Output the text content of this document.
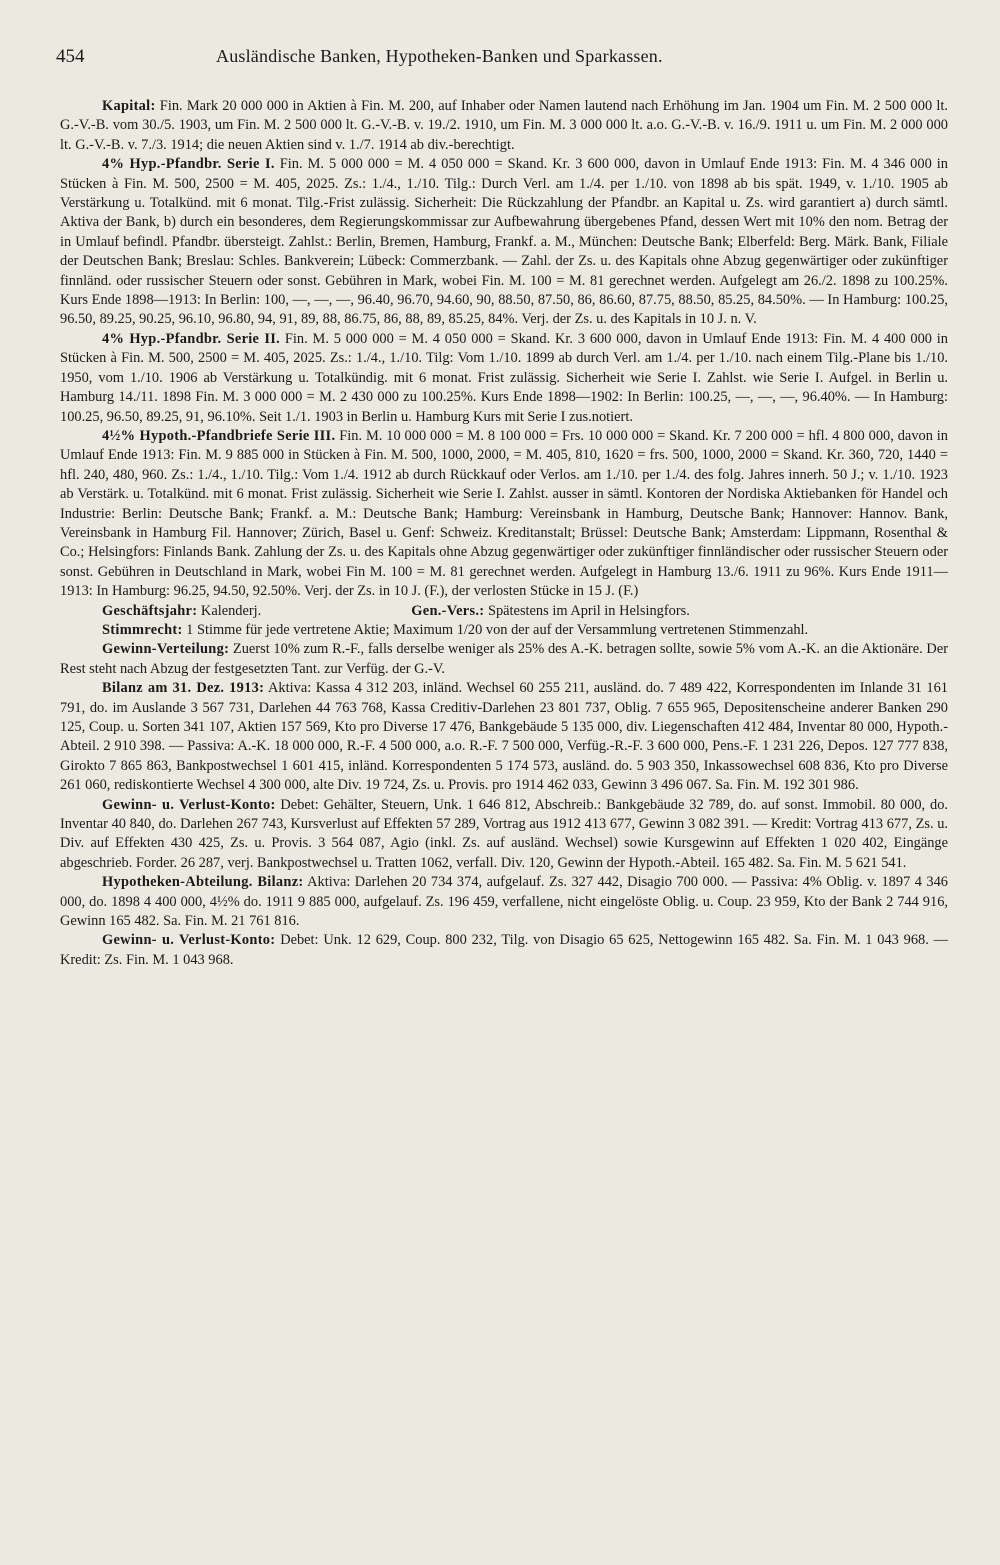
454	Ausländische Banken, Hypotheken-Banken und Sparkassen.

Kapital: Fin. Mark 20 000 000 in Aktien à Fin. M. 200, auf Inhaber oder Namen lautend nach Erhöhung im Jan. 1904 um Fin. M. 2 500 000 lt. G.-V.-B. vom 30./5. 1903, um Fin. M. 2 500 000 lt. G.-V.-B. v. 19./2. 1910, um Fin. M. 3 000 000 lt. a.o. G.-V.-B. v. 16./9. 1911 u. um Fin. M. 2 000 000 lt. G.-V.-B. v. 7./3. 1914; die neuen Aktien sind v. 1./7. 1914 ab div.-berechtigt.

4% Hyp.-Pfandbr. Serie I. Fin. M. 5 000 000 = M. 4 050 000 = Skand. Kr. 3 600 000, davon in Umlauf Ende 1913: Fin. M. 4 346 000 in Stücken à Fin. M. 500, 2500 = M. 405, 2025. Zs.: 1./4., 1./10. Tilg.: Durch Verl. am 1./4. per 1./10. von 1898 ab bis spät. 1949, v. 1./10. 1905 ab Verstärkung u. Totalkünd. mit 6 monat. Tilg.-Frist zulässig. Sicherheit: Die Rückzahlung der Pfandbr. an Kapital u. Zs. wird garantiert a) durch sämtl. Aktiva der Bank, b) durch ein besonderes, dem Regierungskommissar zur Aufbewahrung übergebenes Pfand, dessen Wert mit 10% den nom. Betrag der in Umlauf befindl. Pfandbr. übersteigt. Zahlst.: Berlin, Bremen, Hamburg, Frankf. a. M., München: Deutsche Bank; Elberfeld: Berg. Märk. Bank, Filiale der Deutschen Bank; Breslau: Schles. Bankverein; Lübeck: Commerzbank. — Zahl. der Zs. u. des Kapitals ohne Abzug gegenwärtiger oder zukünftiger finnländ. oder russischer Steuern oder sonst. Gebühren in Mark, wobei Fin. M. 100 = M. 81 gerechnet werden. Aufgelegt am 26./2. 1898 zu 100.25%. Kurs Ende 1898—1913: In Berlin: 100, —, —, —, 96.40, 96.70, 94.60, 90, 88.50, 87.50, 86, 86.60, 87.75, 88.50, 85.25, 84.50%. — In Hamburg: 100.25, 96.50, 89.25, 90.25, 96.10, 96.80, 94, 91, 89, 88, 86.75, 86, 88, 89, 85.25, 84%. Verj. der Zs. u. des Kapitals in 10 J. n. V.

4% Hyp.-Pfandbr. Serie II. Fin. M. 5 000 000 = M. 4 050 000 = Skand. Kr. 3 600 000, davon in Umlauf Ende 1913: Fin. M. 4 400 000 in Stücken à Fin. M. 500, 2500 = M. 405, 2025. Zs.: 1./4., 1./10. Tilg: Vom 1./10. 1899 ab durch Verl. am 1./4. per 1./10. nach einem Tilg.-Plane bis 1./10. 1950, vom 1./10. 1906 ab Verstärkung u. Totalkündig. mit 6 monat. Frist zulässig. Sicherheit wie Serie I. Zahlst. wie Serie I. Aufgel. in Berlin u. Hamburg 14./11. 1898 Fin. M. 3 000 000 = M. 2 430 000 zu 100.25%. Kurs Ende 1898—1902: In Berlin: 100.25, —, —, —, 96.40%. — In Hamburg: 100.25, 96.50, 89.25, 91, 96.10%. Seit 1./1. 1903 in Berlin u. Hamburg Kurs mit Serie I zus.notiert.

4½% Hypoth.-Pfandbriefe Serie III. Fin. M. 10 000 000 = M. 8 100 000 = Frs. 10 000 000 = Skand. Kr. 7 200 000 = hfl. 4 800 000, davon in Umlauf Ende 1913: Fin. M. 9 885 000 in Stücken à Fin. M. 500, 1000, 2000, = M. 405, 810, 1620 = frs. 500, 1000, 2000 = Skand. Kr. 360, 720, 1440 = hfl. 240, 480, 960. Zs.: 1./4., 1./10. Tilg.: Vom 1./4. 1912 ab durch Rückkauf oder Verlos. am 1./10. per 1./4. des folg. Jahres innerh. 50 J.; v. 1./10. 1923 ab Verstärk. u. Totalkünd. mit 6 monat. Frist zulässig. Sicherheit wie Serie I. Zahlst. ausser in sämtl. Kontoren der Nordiska Aktiebanken för Handel och Industrie: Berlin: Deutsche Bank; Frankf. a. M.: Deutsche Bank; Hamburg: Vereinsbank in Hamburg, Deutsche Bank; Hannover: Hannov. Bank, Vereinsbank in Hamburg Fil. Hannover; Zürich, Basel u. Genf: Schweiz. Kreditanstalt; Brüssel: Deutsche Bank; Amsterdam: Lippmann, Rosenthal & Co.; Helsingfors: Finlands Bank. Zahlung der Zs. u. des Kapitals ohne Abzug gegenwärtiger oder zukünftiger finnländischer oder russischer Steuern oder sonst. Gebühren in Deutschland in Mark, wobei Fin M. 100 = M. 81 gerechnet werden. Aufgelegt in Hamburg 13./6. 1911 zu 96%. Kurs Ende 1911—1913: In Hamburg: 96.25, 94.50, 92.50%. Verj. der Zs. in 10 J. (F.), der verlosten Stücke in 15 J. (F.)

Geschäftsjahr: Kalenderj.	Gen.-Vers.: Spätestens im April in Helsingfors.

Stimmrecht: 1 Stimme für jede vertretene Aktie; Maximum 1/20 von der auf der Versammlung vertretenen Stimmenzahl.

Gewinn-Verteilung: Zuerst 10% zum R.-F., falls derselbe weniger als 25% des A.-K. betragen sollte, sowie 5% vom A.-K. an die Aktionäre. Der Rest steht nach Abzug der festgesetzten Tant. zur Verfüg. der G.-V.

Bilanz am 31. Dez. 1913: Aktiva: Kassa 4 312 203, inländ. Wechsel 60 255 211, ausländ. do. 7 489 422, Korrespondenten im Inlande 31 161 791, do. im Auslande 3 567 731, Darlehen 44 763 768, Kassa Creditiv-Darlehen 23 801 737, Oblig. 7 655 965, Depositenscheine anderer Banken 290 125, Coup. u. Sorten 341 107, Aktien 157 569, Kto pro Diverse 17 476, Bankgebäude 5 135 000, div. Liegenschaften 412 484, Inventar 80 000, Hypoth.-Abteil. 2 910 398. — Passiva: A.-K. 18 000 000, R.-F. 4 500 000, a.o. R.-F. 7 500 000, Verfüg.-R.-F. 3 600 000, Pens.-F. 1 231 226, Depos. 127 777 838, Girokto 7 865 863, Bankpostwechsel 1 601 415, inländ. Korrespondenten 5 174 573, ausländ. do. 5 903 350, Inkassowechsel 608 836, Kto pro Diverse 261 060, rediskontierte Wechsel 4 300 000, alte Div. 19 724, Zs. u. Provis. pro 1914 462 033, Gewinn 3 496 067. Sa. Fin. M. 192 301 986.

Gewinn- u. Verlust-Konto: Debet: Gehälter, Steuern, Unk. 1 646 812, Abschreib.: Bankgebäude 32 789, do. auf sonst. Immobil. 80 000, do. Inventar 40 840, do. Darlehen 267 743, Kursverlust auf Effekten 57 289, Vortrag aus 1912 413 677, Gewinn 3 082 391. — Kredit: Vortrag 413 677, Zs. u. Div. auf Effekten 430 425, Zs. u. Provis. 3 564 087, Agio (inkl. Zs. auf ausländ. Wechsel) sowie Kursgewinn auf Effekten 1 020 402, Eingänge abgeschrieb. Forder. 26 287, verj. Bankpostwechsel u. Tratten 1062, verfall. Div. 120, Gewinn der Hypoth.-Abteil. 165 482. Sa. Fin. M. 5 621 541.

Hypotheken-Abteilung. Bilanz: Aktiva: Darlehen 20 734 374, aufgelauf. Zs. 327 442, Disagio 700 000. — Passiva: 4% Oblig. v. 1897 4 346 000, do. 1898 4 400 000, 4½% do. 1911 9 885 000, aufgelauf. Zs. 196 459, verfallene, nicht eingelöste Oblig. u. Coup. 23 959, Kto der Bank 2 744 916, Gewinn 165 482. Sa. Fin. M. 21 761 816.

Gewinn- u. Verlust-Konto: Debet: Unk. 12 629, Coup. 800 232, Tilg. von Disagio 65 625, Nettogewinn 165 482. Sa. Fin. M. 1 043 968. — Kredit: Zs. Fin. M. 1 043 968.
